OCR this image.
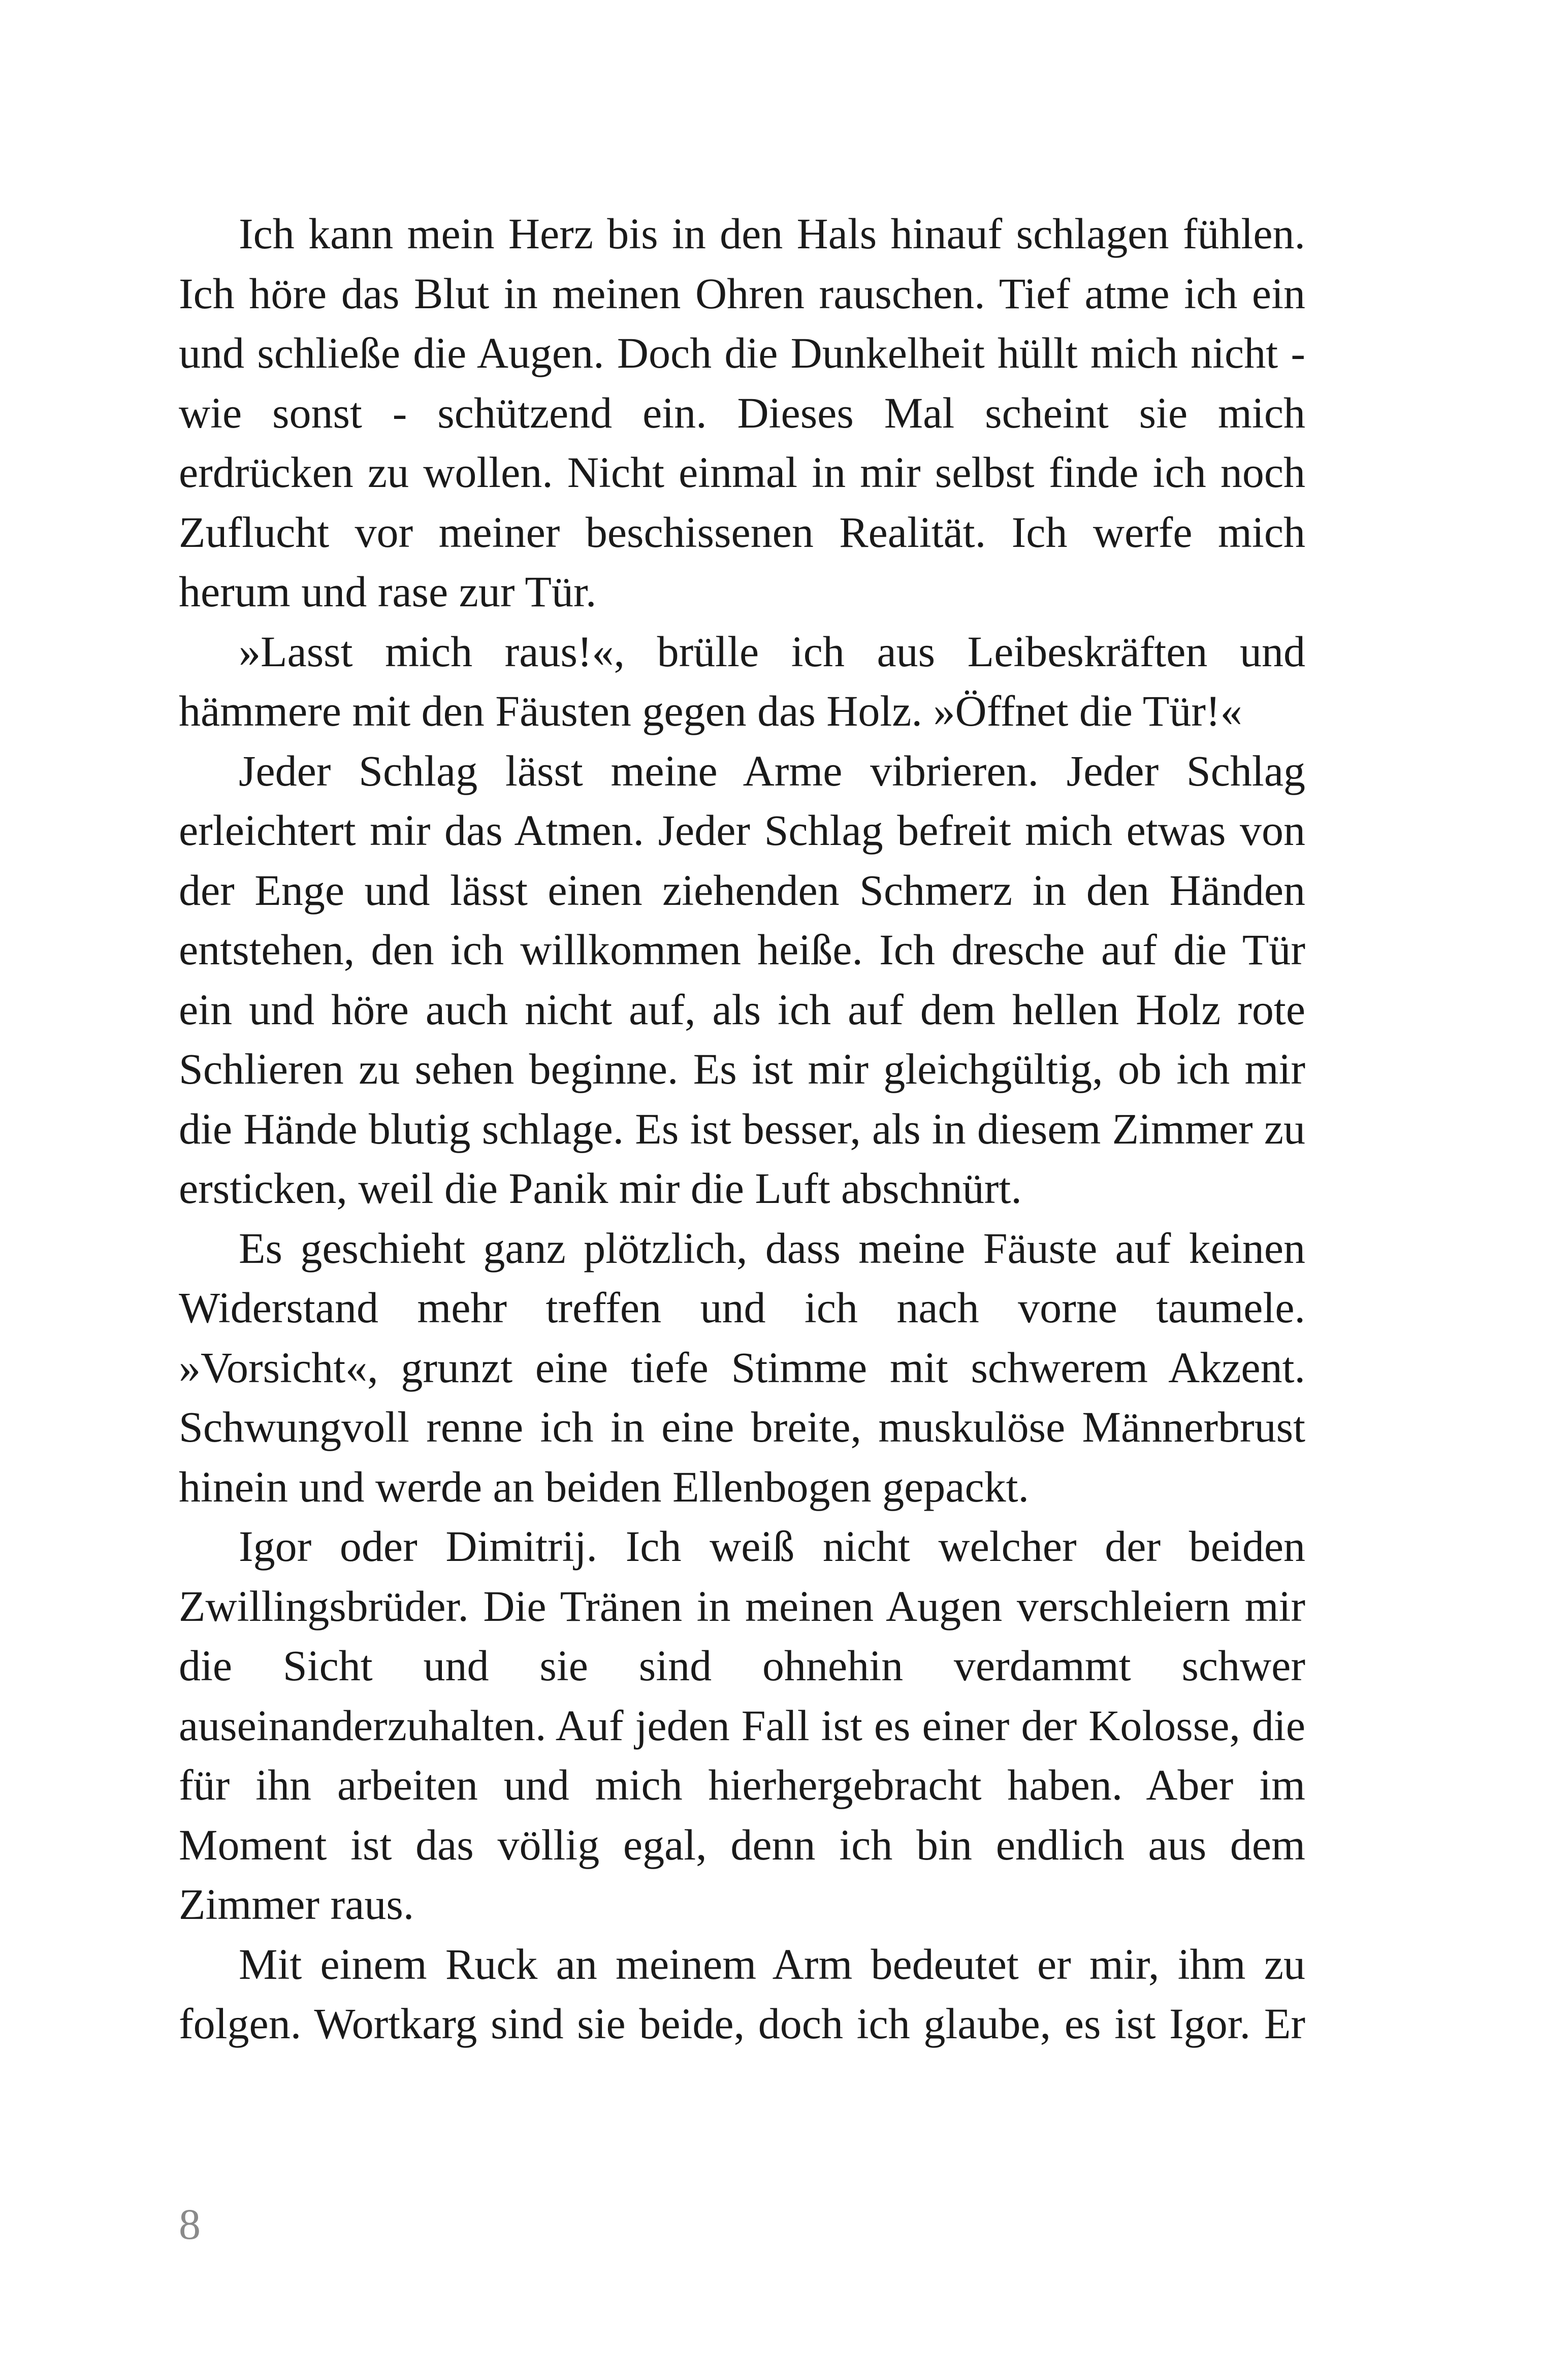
Ich kann mein Herz bis in den Hals hinauf schlagen fühlen. Ich höre das Blut in meinen Ohren rauschen. Tief atme ich ein und schließe die Augen. Doch die Dunkelheit hüllt mich nicht - wie sonst - schützend ein. Dieses Mal scheint sie mich erdrücken zu wollen. Nicht einmal in mir selbst finde ich noch Zuflucht vor meiner beschissenen Realität. Ich werfe mich herum und rase zur Tür.

»Lasst mich raus!«, brülle ich aus Leibeskräften und hämmere mit den Fäusten gegen das Holz. »Öffnet die Tür!«

Jeder Schlag lässt meine Arme vibrieren. Jeder Schlag erleichtert mir das Atmen. Jeder Schlag befreit mich etwas von der Enge und lässt einen ziehenden Schmerz in den Händen entstehen, den ich willkommen heiße. Ich dresche auf die Tür ein und höre auch nicht auf, als ich auf dem hellen Holz rote Schlieren zu sehen beginne. Es ist mir gleichgültig, ob ich mir die Hände blutig schlage. Es ist besser, als in diesem Zimmer zu ersticken, weil die Panik mir die Luft abschnürt.

Es geschieht ganz plötzlich, dass meine Fäuste auf keinen Widerstand mehr treffen und ich nach vorne taumele. »Vorsicht«, grunzt eine tiefe Stimme mit schwerem Akzent. Schwungvoll renne ich in eine breite, muskulöse Männerbrust hinein und werde an beiden Ellenbogen gepackt.

Igor oder Dimitrij. Ich weiß nicht welcher der beiden Zwillingsbrüder. Die Tränen in meinen Augen verschleiern mir die Sicht und sie sind ohnehin verdammt schwer auseinanderzuhalten. Auf jeden Fall ist es einer der Kolosse, die für ihn arbeiten und mich hierhergebracht haben. Aber im Moment ist das völlig egal, denn ich bin endlich aus dem Zimmer raus.

Mit einem Ruck an meinem Arm bedeutet er mir, ihm zu folgen. Wortkarg sind sie beide, doch ich glaube, es ist Igor. Er

8
